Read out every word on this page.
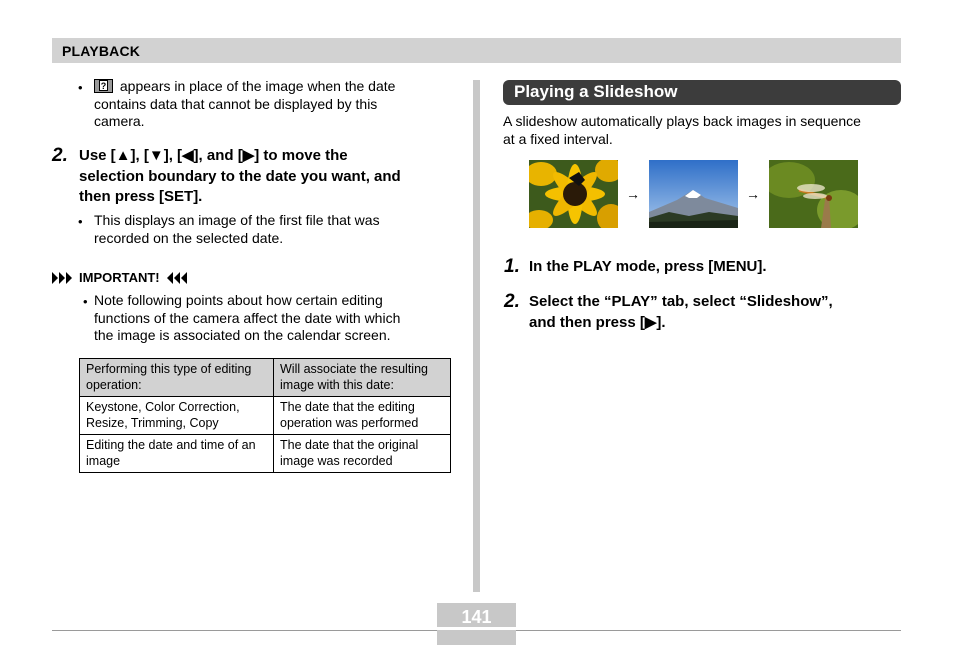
PLAYBACK
• ? appears in place of the image when the date
contains data that cannot be displayed by this
camera.
2. Use [▲], [▼], [◀], and [▶] to move the
selection boundary to the date you want, and
then press [SET].
• This displays an image of the first file that was
recorded on the selected date.
IMPORTANT!
• Note following points about how certain editing
functions of the camera affect the date with which
the image is associated on the calendar screen.
Performing this type of editing operation:	Will associate the resulting image with this date:
Keystone, Color Correction, Resize, Trimming, Copy	The date that the editing operation was performed
Editing the date and time of an image	The date that the original image was recorded
Playing a Slideshow
A slideshow automatically plays back images in sequence
at a fixed interval.
→	→
1. In the PLAY mode, press [MENU].
2. Select the “PLAY” tab, select “Slideshow”,
and then press [▶].
141
